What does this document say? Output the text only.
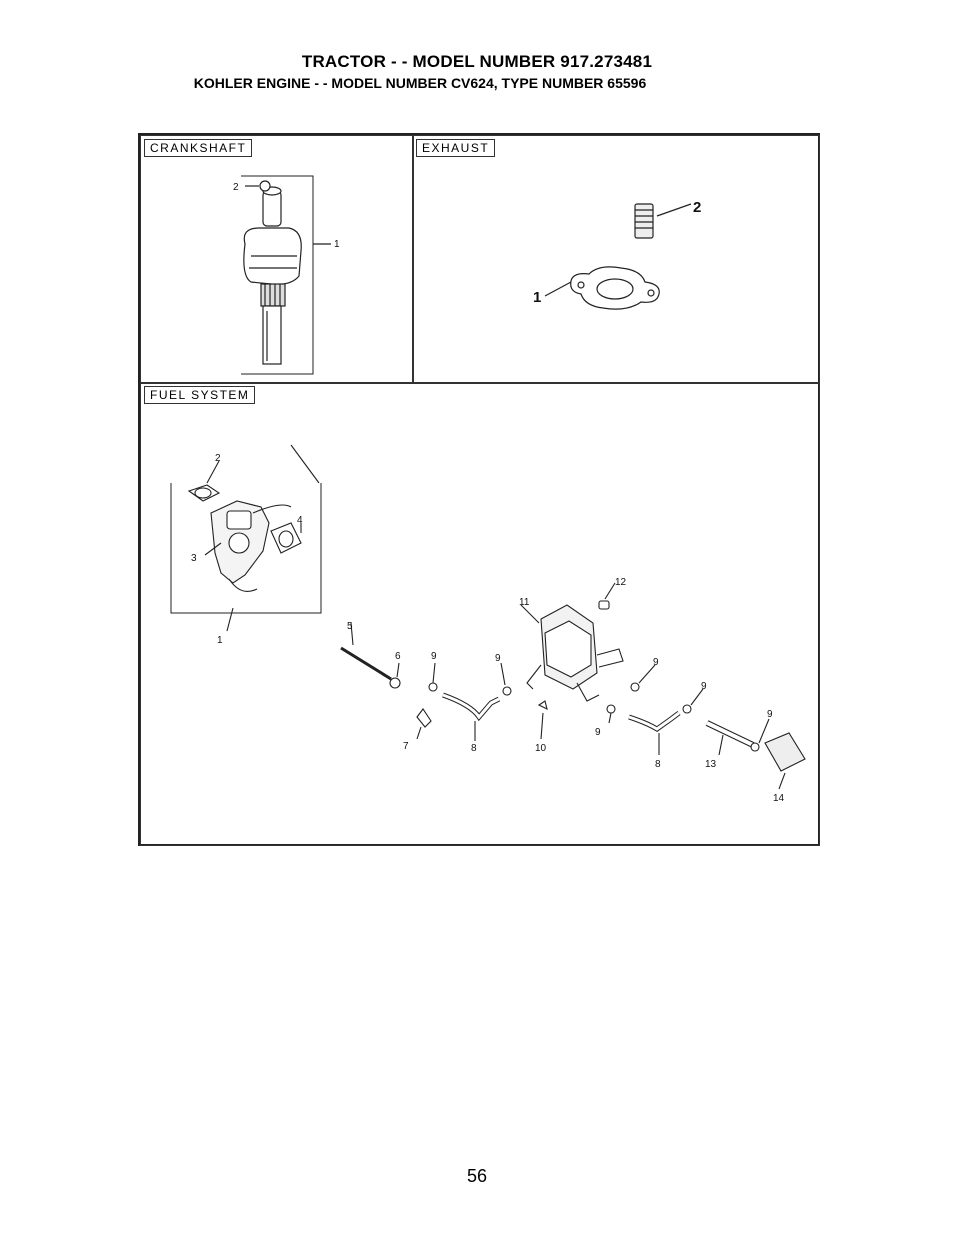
TRACTOR - - MODEL NUMBER 917.273481
KOHLER ENGINE - - MODEL NUMBER CV624, TYPE NUMBER 65596
CRANKSHAFT
2
1
EXHAUST
2
1
FUEL SYSTEM
2
3
4
1
5
6
7
9	9
8	10
11
12
9
9
8
9
13
9
14
56
